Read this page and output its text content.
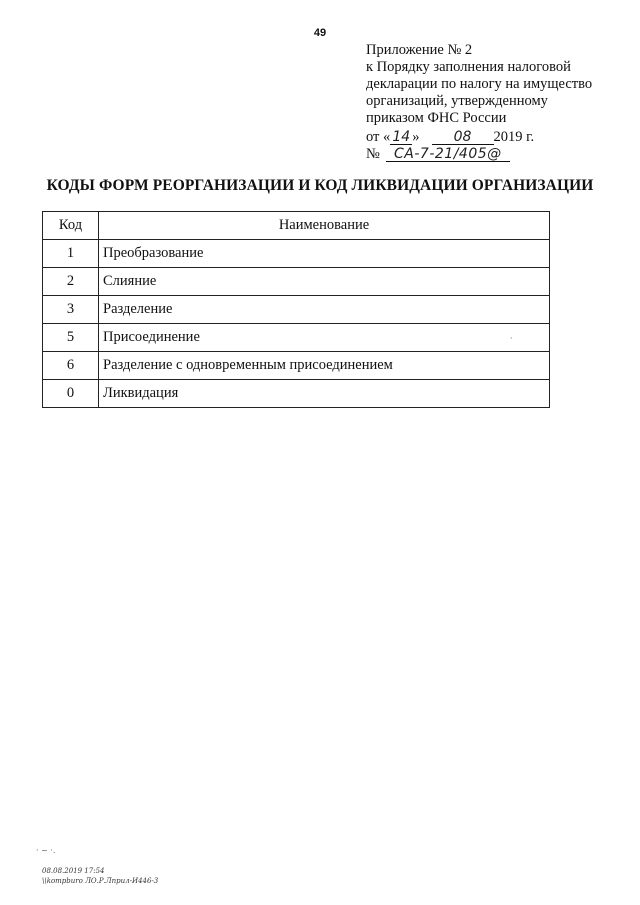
49
Приложение № 2
к Порядку заполнения налоговой
декларации по налогу на имущество
организаций, утвержденному
приказом ФНС России
от « 14 » 08 2019 г.
№ СА-7-21/405@
КОДЫ ФОРМ РЕОРГАНИЗАЦИИ И КОД ЛИКВИДАЦИИ ОРГАНИЗАЦИИ
Код	Наименование
1	Преобразование
2	Слияние
3	Разделение
5	Присоединение
6	Разделение с одновременным присоединением
0	Ликвидация
·
· ~ ·.
08.08.2019 17:54
\\kompburo ЛО.Р.Лприл-И446-3
